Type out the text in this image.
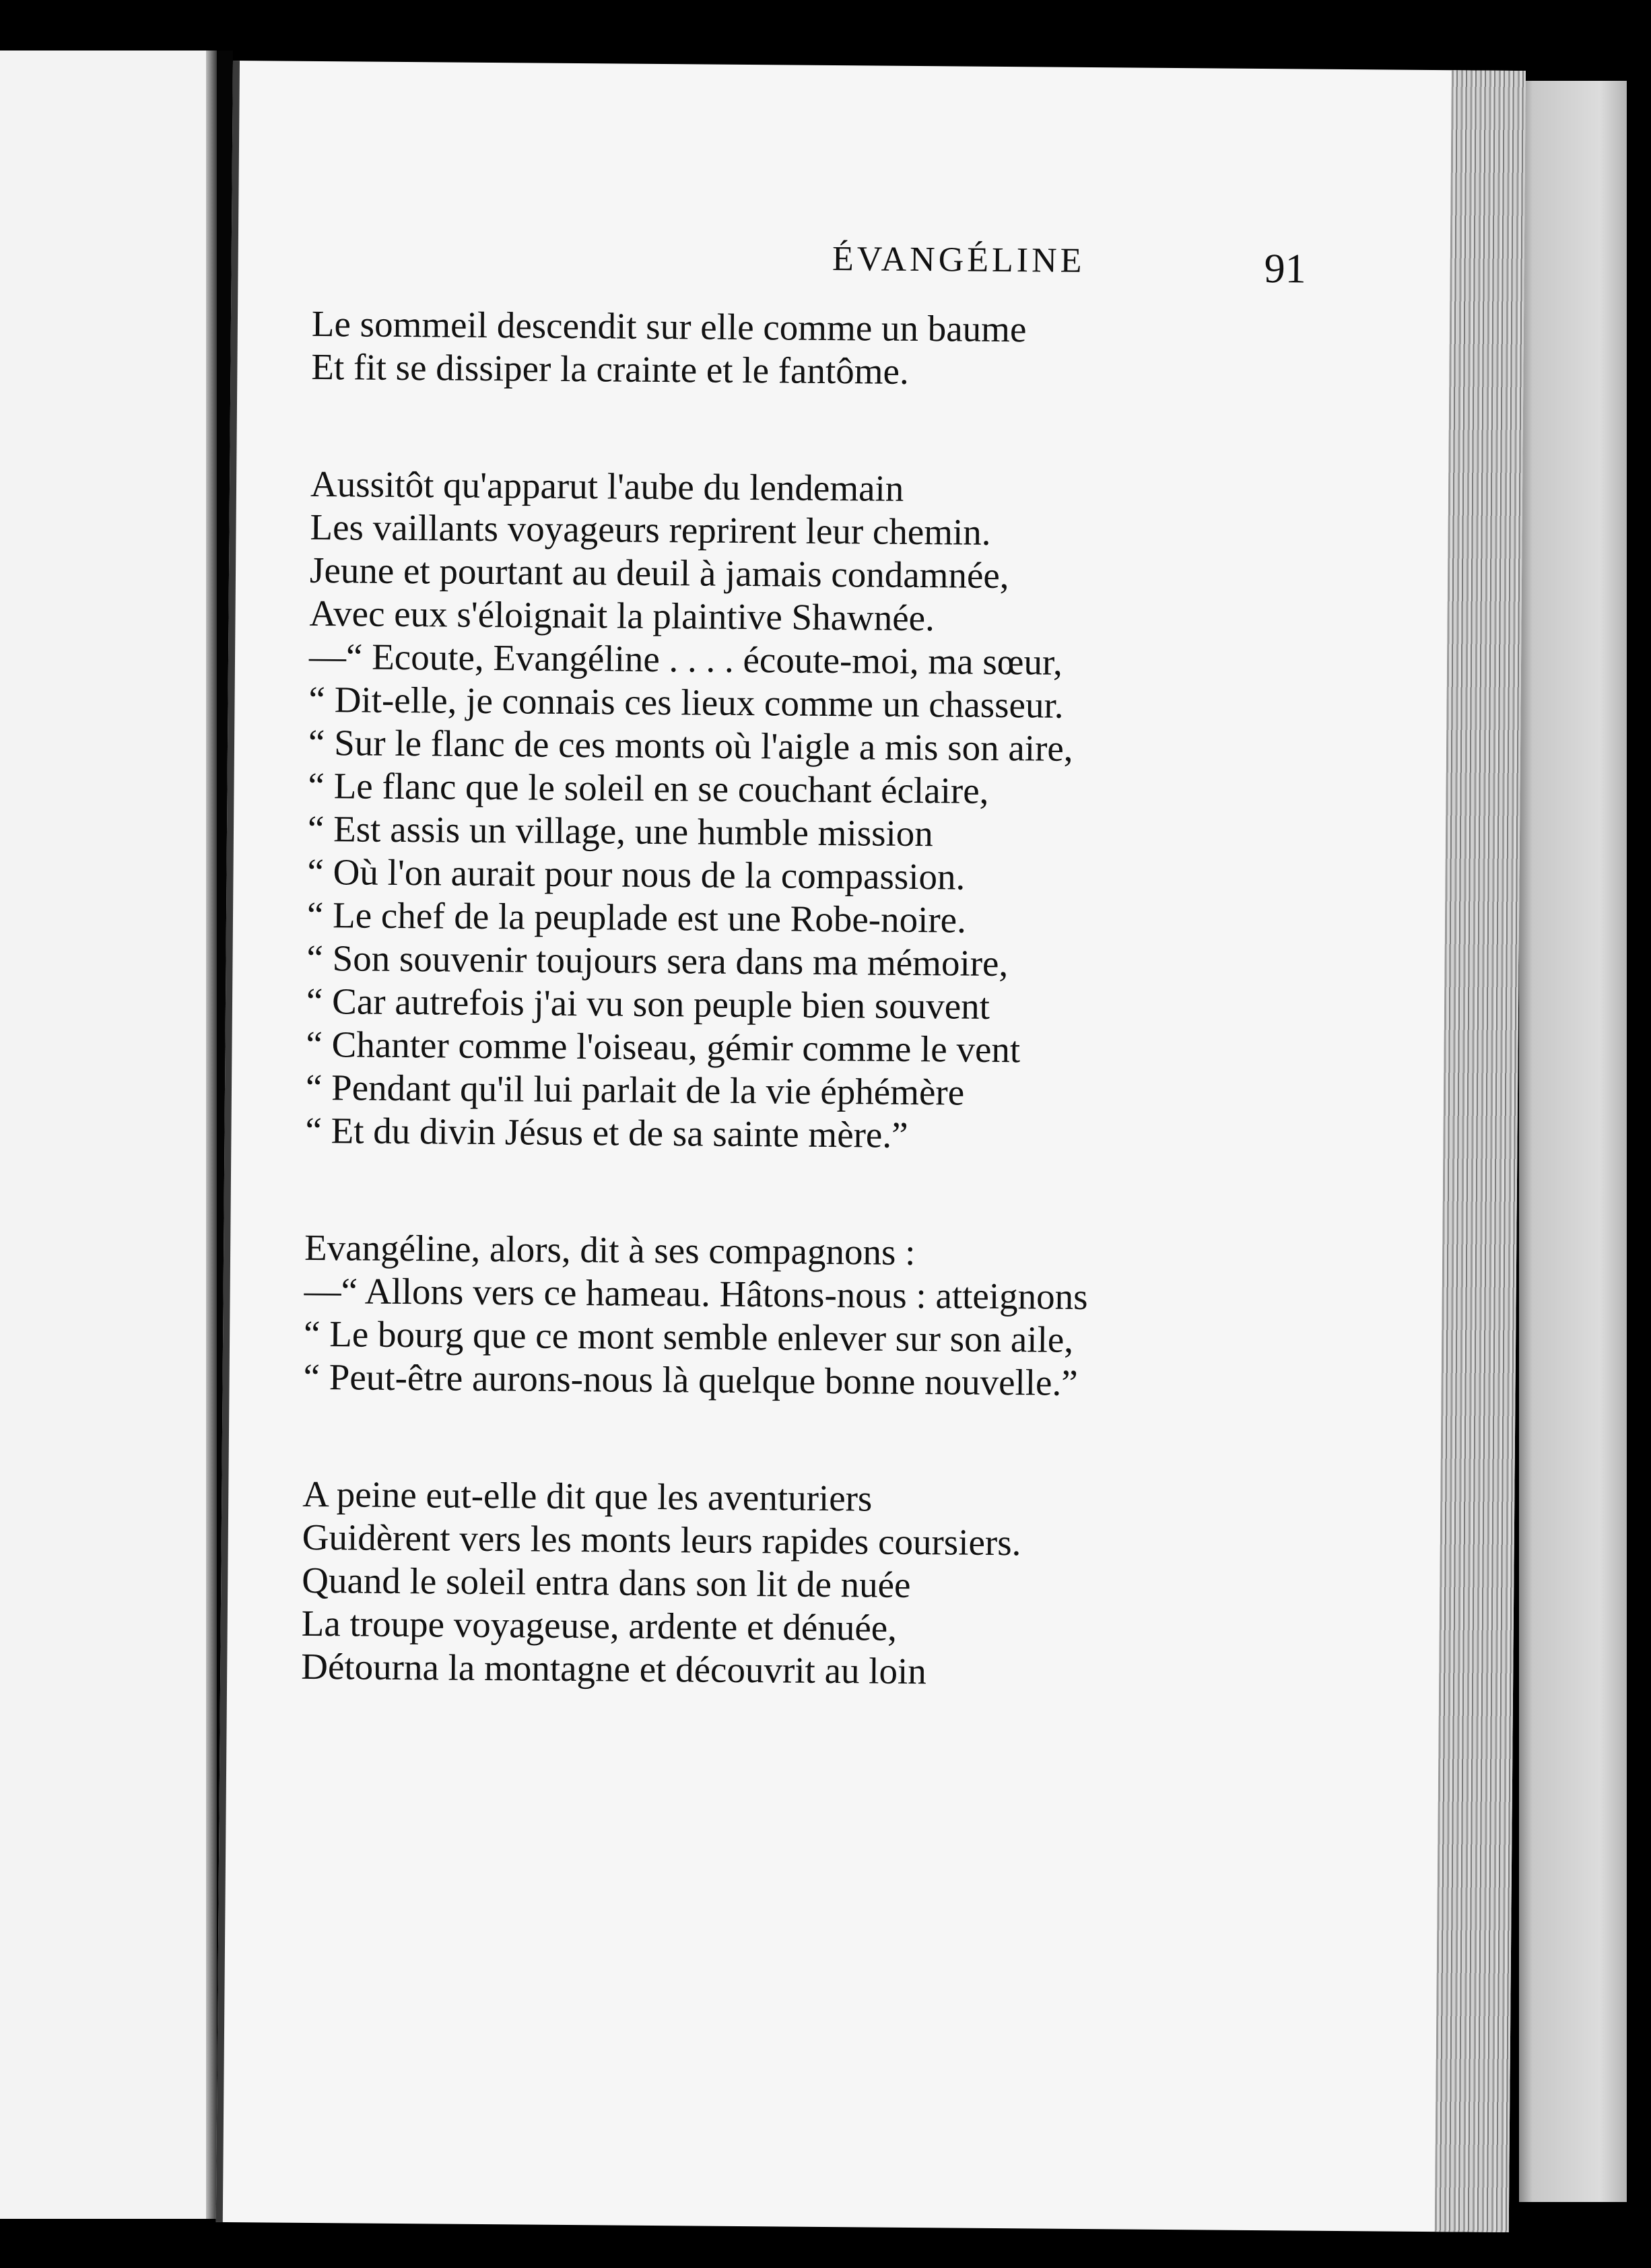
ÉVANGÉLINE	91
Le sommeil descendit sur elle comme un baume
Et fit se dissiper la crainte et le fantôme.
Aussitôt qu'apparut l'aube du lendemain
Les vaillants voyageurs reprirent leur chemin.
Jeune et pourtant au deuil à jamais condamnée,
Avec eux s'éloignait la plaintive Shawnée.
—“ Ecoute, Evangéline . . . . écoute-moi, ma sœur,
“ Dit-elle, je connais ces lieux comme un chasseur.
“ Sur le flanc de ces monts où l'aigle a mis son aire,
“ Le flanc que le soleil en se couchant éclaire,
“ Est assis un village, une humble mission
“ Où l'on aurait pour nous de la compassion.
“ Le chef de la peuplade est une Robe-noire.
“ Son souvenir toujours sera dans ma mémoire,
“ Car autrefois j'ai vu son peuple bien souvent
“ Chanter comme l'oiseau, gémir comme le vent
“ Pendant qu'il lui parlait de la vie éphémère
“ Et du divin Jésus et de sa sainte mère.”
Evangéline, alors, dit à ses compagnons :
—“ Allons vers ce hameau. Hâtons-nous : atteignons
“ Le bourg que ce mont semble enlever sur son aile,
“ Peut-être aurons-nous là quelque bonne nouvelle.”
A peine eut-elle dit que les aventuriers
Guidèrent vers les monts leurs rapides coursiers.
Quand le soleil entra dans son lit de nuée
La troupe voyageuse, ardente et dénuée,
Détourna la montagne et découvrit au loin
